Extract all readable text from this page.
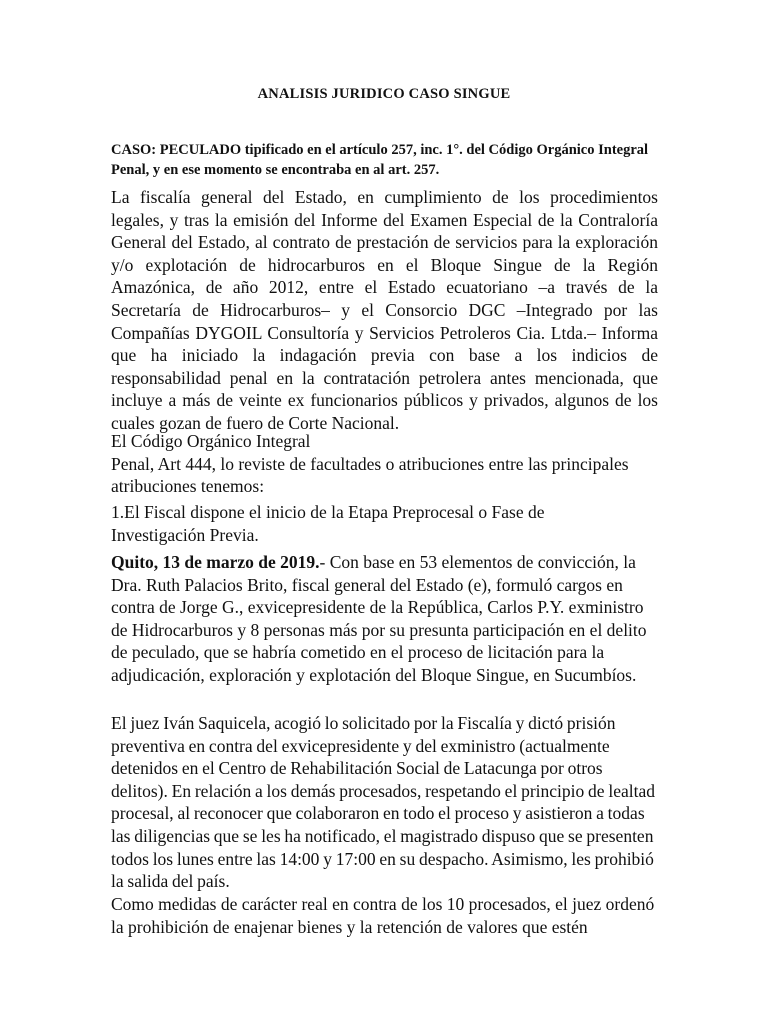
ANALISIS JURIDICO CASO SINGUE
CASO: PECULADO tipificado en el artículo 257, inc. 1°. del Código Orgánico Integral Penal, y en ese momento se encontraba en al art. 257.

La fiscalía general del Estado, en cumplimiento de los procedimientos legales, y tras la emisión del Informe del Examen Especial de la Contraloría General del Estado, al contrato de prestación de servicios para la exploración y/o explotación de hidrocarburos en el Bloque Singue de la Región Amazónica, de año 2012, entre el Estado ecuatoriano –a través de la Secretaría de Hidrocarburos– y el Consorcio DGC –Integrado por las Compañías DYGOIL Consultoría y Servicios Petroleros Cia. Ltda.– Informa que ha iniciado la indagación previa con base a los indicios de responsabilidad penal en la contratación petrolera antes mencionada, que incluye a más de veinte ex funcionarios públicos y privados, algunos de los cuales gozan de fuero de Corte Nacional.

El Código Orgánico Integral
Penal, Art 444, lo reviste de facultades o atribuciones entre las principales atribuciones tenemos:

1.El Fiscal dispone el inicio de la Etapa Preprocesal o Fase de Investigación Previa.

Quito, 13 de marzo de 2019.- Con base en 53 elementos de convicción, la Dra. Ruth Palacios Brito, fiscal general del Estado (e), formuló cargos en contra de Jorge G., exvicepresidente de la República, Carlos P.Y. exministro de Hidrocarburos y 8 personas más por su presunta participación en el delito de peculado, que se habría cometido en el proceso de licitación para la adjudicación, exploración y explotación del Bloque Singue, en Sucumbíos.

El juez Iván Saquicela, acogió lo solicitado por la Fiscalía y dictó prisión preventiva en contra del exvicepresidente y del exministro (actualmente detenidos en el Centro de Rehabilitación Social de Latacunga por otros delitos). En relación a los demás procesados, respetando el principio de lealtad procesal, al reconocer que colaboraron en todo el proceso y asistieron a todas las diligencias que se les ha notificado, el magistrado dispuso que se presenten todos los lunes entre las 14:00 y 17:00 en su despacho. Asimismo, les prohibió la salida del país.

Como medidas de carácter real en contra de los 10 procesados, el juez ordenó la prohibición de enajenar bienes y la retención de valores que estén
